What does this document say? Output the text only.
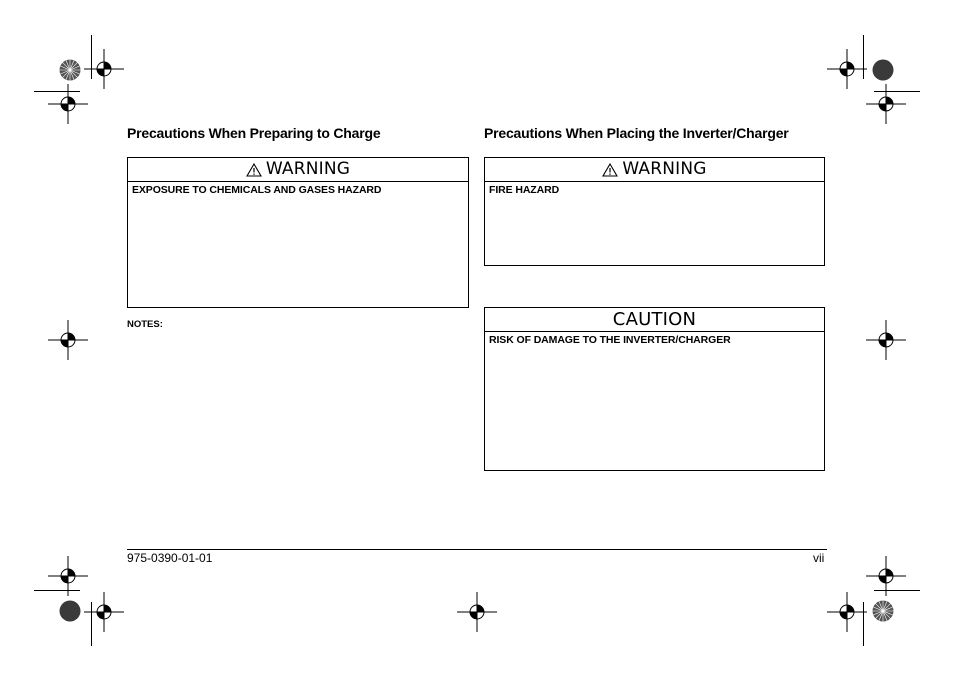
Precautions When Preparing to Charge
WARNING
EXPOSURE TO CHEMICALS AND GASES HAZARD
NOTES:
Precautions When Placing the Inverter/Charger
WARNING
FIRE HAZARD
CAUTION
RISK OF DAMAGE TO THE INVERTER/CHARGER
975-0390-01-01	vii
